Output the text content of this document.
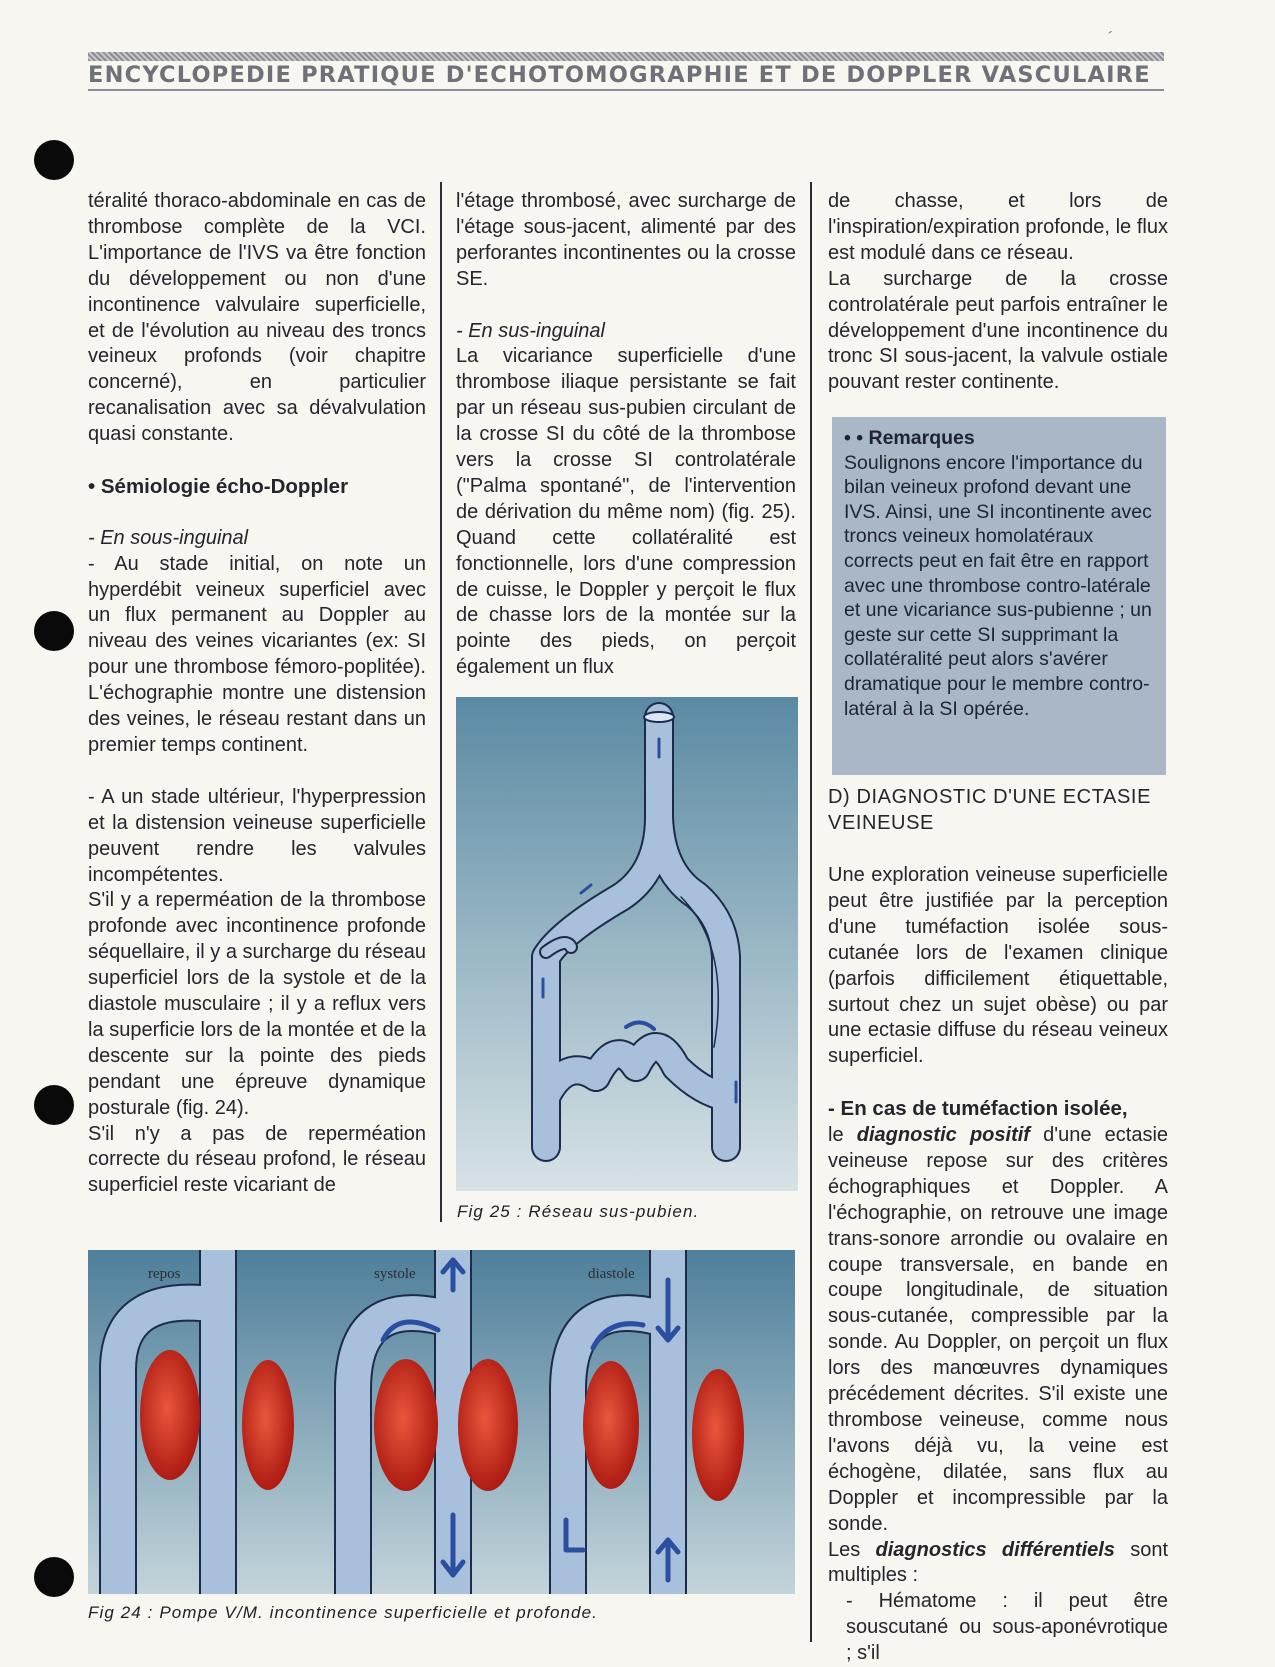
ENCYCLOPEDIE PRATIQUE D'ECHOTOMOGRAPHIE ET DE DOPPLER VASCULAIRE
´

téralité thoraco-abdominale en cas de thrombose complète de la VCI. L'importance de l'IVS va être fonction du développement ou non d'une incontinence valvulaire superficielle, et de l'évolution au niveau des troncs veineux profonds (voir chapitre concerné), en particulier recanalisation avec sa dévalvulation quasi constante.

• Sémiologie écho-Doppler

- En sous-inguinal

- Au stade initial, on note un hyperdébit veineux superficiel avec un flux permanent au Doppler au niveau des veines vicariantes (ex: SI pour une thrombose fémoro-poplitée). L'échographie montre une distension des veines, le réseau restant dans un premier temps continent.

- A un stade ultérieur, l'hyperpression et la distension veineuse superficielle peuvent rendre les valvules incompétentes.

S'il y a reperméation de la thrombose profonde avec incontinence profonde séquellaire, il y a surcharge du réseau superficiel lors de la systole et de la diastole musculaire ; il y a reflux vers la superficie lors de la montée et de la descente sur la pointe des pieds pendant une épreuve dynamique posturale (fig. 24).

S'il n'y a pas de reperméation correcte du réseau profond, le réseau superficiel reste vicariant de

l'étage thrombosé, avec surcharge de l'étage sous-jacent, alimenté par des perforantes incontinentes ou la crosse SE.

- En sus-inguinal

La vicariance superficielle d'une thrombose iliaque persistante se fait par un réseau sus-pubien circulant de la crosse SI du côté de la thrombose vers la crosse SI controlatérale ("Palma spontané", de l'intervention de dérivation du même nom) (fig. 25). Quand cette collatéralité est fonctionnelle, lors d'une compression de cuisse, le Doppler y perçoit le flux de chasse lors de la montée sur la pointe des pieds, on perçoit également un flux

de chasse, et lors de l'inspiration/expiration profonde, le flux est modulé dans ce réseau.

La surcharge de la crosse controlatérale peut parfois entraîner le développement d'une incontinence du tronc SI sous-jacent, la valvule ostiale pouvant rester continente.

• • Remarques

Soulignons encore l'importance du bilan veineux profond devant une IVS. Ainsi, une SI incontinente avec troncs veineux homolatéraux corrects peut en fait être en rapport avec une thrombose contro-latérale et une vicariance sus-pubienne ; un geste sur cette SI supprimant la collatéralité peut alors s'avérer dramatique pour le membre contro-latéral à la SI opérée.

D) DIAGNOSTIC D'UNE ECTASIE VEINEUSE

Une exploration veineuse superficielle peut être justifiée par la perception d'une tuméfaction isolée sous-cutanée lors de l'examen clinique (parfois difficilement étiquettable, surtout chez un sujet obèse) ou par une ectasie diffuse du réseau veineux superficiel.

- En cas de tuméfaction isolée,
le diagnostic positif d'une ectasie veineuse repose sur des critères échographiques et Doppler. A l'échographie, on retrouve une image trans-sonore arrondie ou ovalaire en coupe transversale, en bande en coupe longitudinale, de situation sous-cutanée, compressible par la sonde. Au Doppler, on perçoit un flux lors des manœuvres dynamiques précédement décrites. S'il existe une thrombose veineuse, comme nous l'avons déjà vu, la veine est échogène, dilatée, sans flux au Doppler et incompressible par la sonde.

Les diagnostics différentiels sont multiples :

- Hématome : il peut être souscutané ou sous-aponévrotique ; s'il

Fig 25 : Réseau sus-pubien.
repos	systole	diastole
Fig 24 : Pompe V/M. incontinence superficielle et profonde.
